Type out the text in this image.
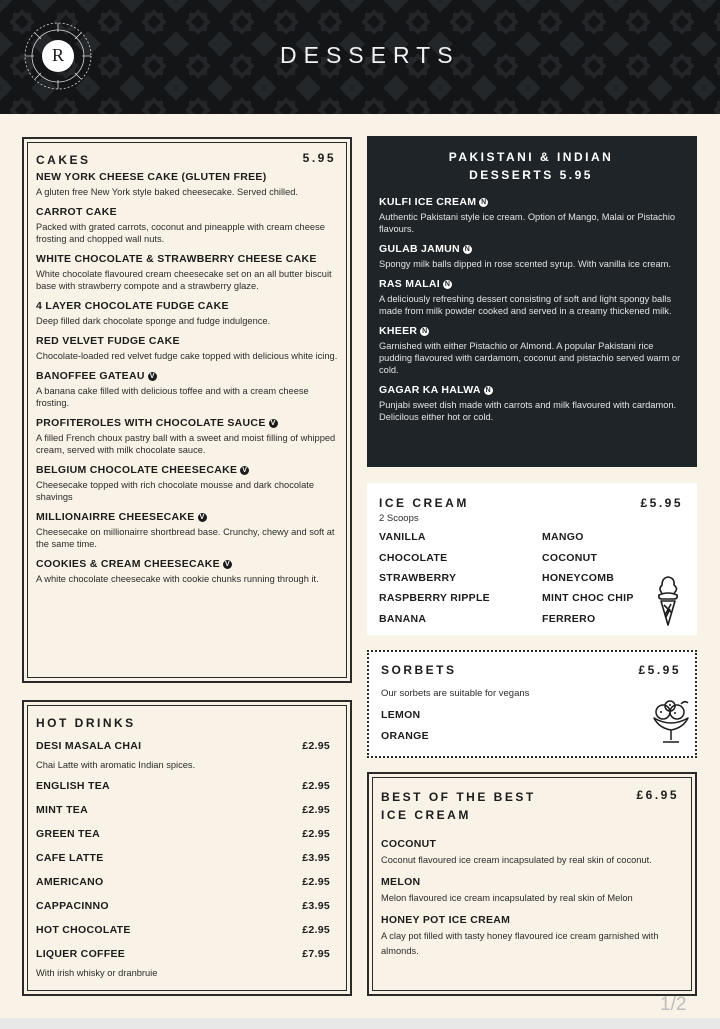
R	DESSERTS
CAKES	5.95
NEW YORK CHEESE CAKE (GLUTEN FREE)
A gluten free New York style baked cheesecake. Served chilled.
CARROT CAKE
Packed with grated carrots, coconut and pineapple with cream cheese frosting and chopped wall nuts.
WHITE CHOCOLATE & STRAWBERRY CHEESE CAKE
White chocolate flavoured cream cheesecake set on an all butter biscuit base with strawberry compote and a strawberry glaze.
4 LAYER CHOCOLATE FUDGE CAKE
Deep filled dark chocolate sponge and fudge indulgence.
RED VELVET FUDGE CAKE
Chocolate-loaded red velvet fudge cake topped with delicious white icing.
BANOFFEE GATEAU V
A banana cake filled with delicious toffee and with a cream cheese frosting.
PROFITEROLES WITH CHOCOLATE SAUCE V
A filled French choux pastry ball with a sweet and moist filling of whipped cream, served with milk chocolate sauce.
BELGIUM CHOCOLATE CHEESECAKE V
Cheesecake topped with rich chocolate mousse and dark chocolate shavings
MILLIONAIRRE CHEESECAKE V
Cheesecake on millionairre shortbread base. Crunchy, chewy and soft at the same time.
COOKIES & CREAM CHEESECAKE V
A white chocolate cheesecake with cookie chunks running through it.
HOT DRINKS
DESI MASALA CHAI	£2.95
Chai Latte with aromatic Indian spices.
ENGLISH TEA	£2.95
MINT TEA	£2.95
GREEN TEA	£2.95
CAFE LATTE	£3.95
AMERICANO	£2.95
CAPPACINNO	£3.95
HOT CHOCOLATE	£2.95
LIQUER COFFEE	£7.95
With irish whisky or dranbruie
PAKISTANI & INDIAN
DESSERTS 5.95
KULFI ICE CREAM N
Authentic Pakistani style ice cream. Option of Mango, Malai or Pistachio flavours.
GULAB JAMUN N
Spongy milk balls dipped in rose scented syrup. With vanilla ice cream.
RAS MALAI N
A deliciously refreshing dessert consisting of soft and light spongy balls made from milk powder cooked and served in a creamy thickened milk.
KHEER N
Garnished with either Pistachio or Almond. A popular Pakistani rice pudding flavoured with cardamom, coconut and pistachio served warm or cold.
GAGAR KA HALWA N
Punjabi sweet dish made with carrots and milk flavoured with cardamon. Delicilous either hot or cold.
ICE CREAM	£5.95
2 Scoops
VANILLA
CHOCOLATE
STRAWBERRY
RASPBERRY RIPPLE
BANANA
MANGO
COCONUT
HONEYCOMB
MINT CHOC CHIP
FERRERO
SORBETS	£5.95
Our sorbets are suitable for vegans
LEMON
ORANGE
BEST OF THE BEST	£6.95
ICE CREAM
COCONUT
Coconut flavoured ice cream incapsulated by real skin of coconut.
MELON
Melon flavoured ice cream incapsulated by real skin of Melon
HONEY POT ICE CREAM
A clay pot filled with tasty honey flavoured ice cream garnished with almonds.
1/2
